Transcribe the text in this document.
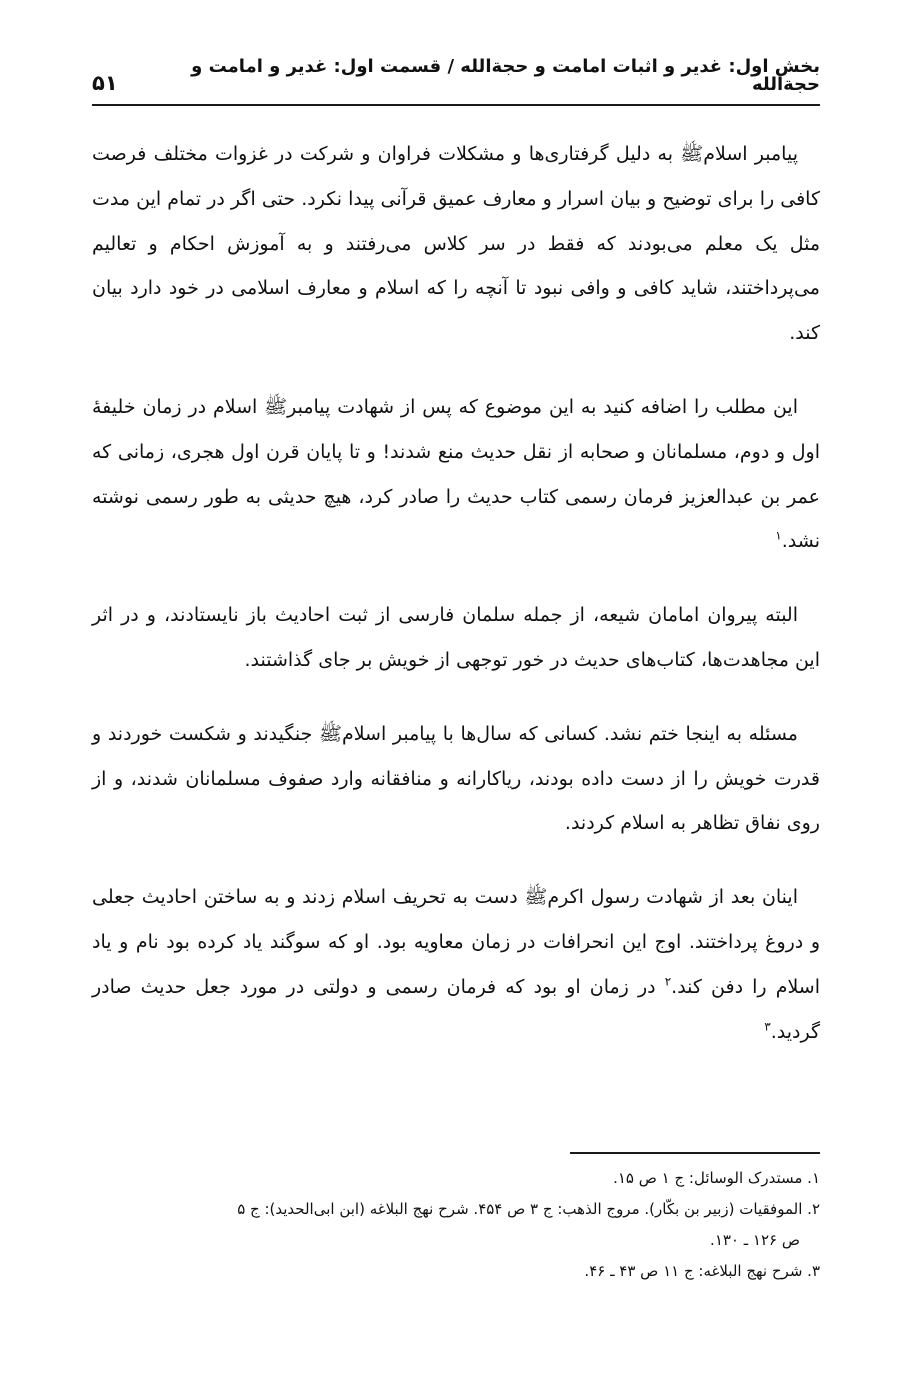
بخش اول: غدیر و اثبات امامت و حجةالله / قسمت اول: غدیر و امامت و حجةالله
۵۱

پیامبر اسلامﷺ به دلیل گرفتاری‌ها و مشکلات فراوان و شرکت در غزوات مختلف فرصت کافی را برای توضیح و بیان اسرار و معارف عمیق قرآنی پیدا نکرد. حتی اگر در تمام این مدت مثل یک معلم می‌بودند که فقط در سر کلاس می‌رفتند و به آموزش احکام و تعالیم می‌پرداختند، شاید کافی و وافی نبود تا آنچه را که اسلام و معارف اسلامی در خود دارد بیان کند.

این مطلب را اضافه کنید به این موضوع که پس از شهادت پیامبرﷺ اسلام در زمان خلیفهٔ اول و دوم، مسلمانان و صحابه از نقل حدیث منع شدند! و تا پایان قرن اول هجری، زمانی که عمر بن عبدالعزیز فرمان رسمی کتاب حدیث را صادر کرد، هیچ حدیثی به طور رسمی نوشته نشد.$^۱$

البته پیروان امامان شیعه، از جمله سلمان فارسی از ثبت احادیث باز نایستادند، و در اثر این مجاهدت‌ها، کتاب‌های حدیث در خور توجهی از خویش بر جای گذاشتند.

مسئله به اینجا ختم نشد. کسانی که سال‌ها با پیامبر اسلامﷺ جنگیدند و شکست خوردند و قدرت خویش را از دست داده بودند، ریاکارانه و منافقانه وارد صفوف مسلمانان شدند، و از روی نفاق تظاهر به اسلام کردند.

اینان بعد از شهادت رسول اکرمﷺ دست به تحریف اسلام زدند و به ساختن احادیث جعلی و دروغ پرداختند. اوج این انحرافات در زمان معاویه بود. او که سوگند یاد کرده بود نام و یاد اسلام را دفن کند.$^۲$ در زمان او بود که فرمان رسمی و دولتی در مورد جعل حدیث صادر گردید.$^۳$

۱. مستدرک الوسائل: ج ۱ ص ۱۵.

۲. الموفقیات (زبیر بن بکّار). مروج الذهب: ج ۳ ص ۴۵۴. شرح نهج البلاغه (ابن ابی‌الحدید): ج ۵

ص ۱۲۶ ـ ۱۳۰.

۳. شرح نهج البلاغه: ج ۱۱ ص ۴۳ ـ ۴۶.
